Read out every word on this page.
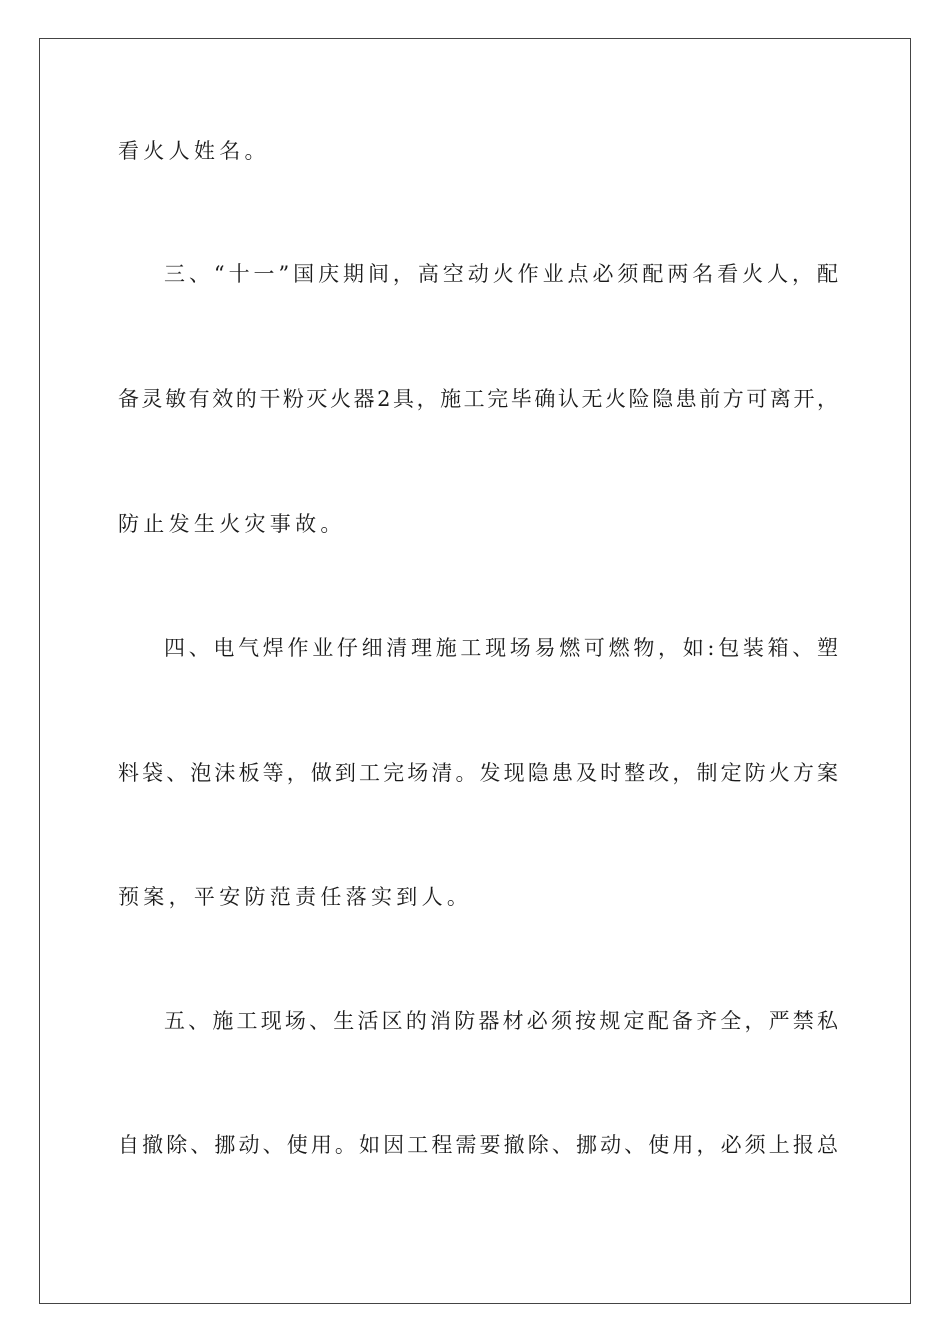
看火人姓名。
三、“十一”国庆期间，高空动火作业点必须配两名看火人，配
备灵敏有效的干粉灭火器2具，施工完毕确认无火险隐患前方可离开，
防止发生火灾事故。
四、电气焊作业仔细清理施工现场易燃可燃物，如:包装箱、塑
料袋、泡沫板等，做到工完场清。发现隐患及时整改，制定防火方案
预案，平安防范责任落实到人。
五、施工现场、生活区的消防器材必须按规定配备齐全，严禁私
自撤除、挪动、使用。如因工程需要撤除、挪动、使用，必须上报总
